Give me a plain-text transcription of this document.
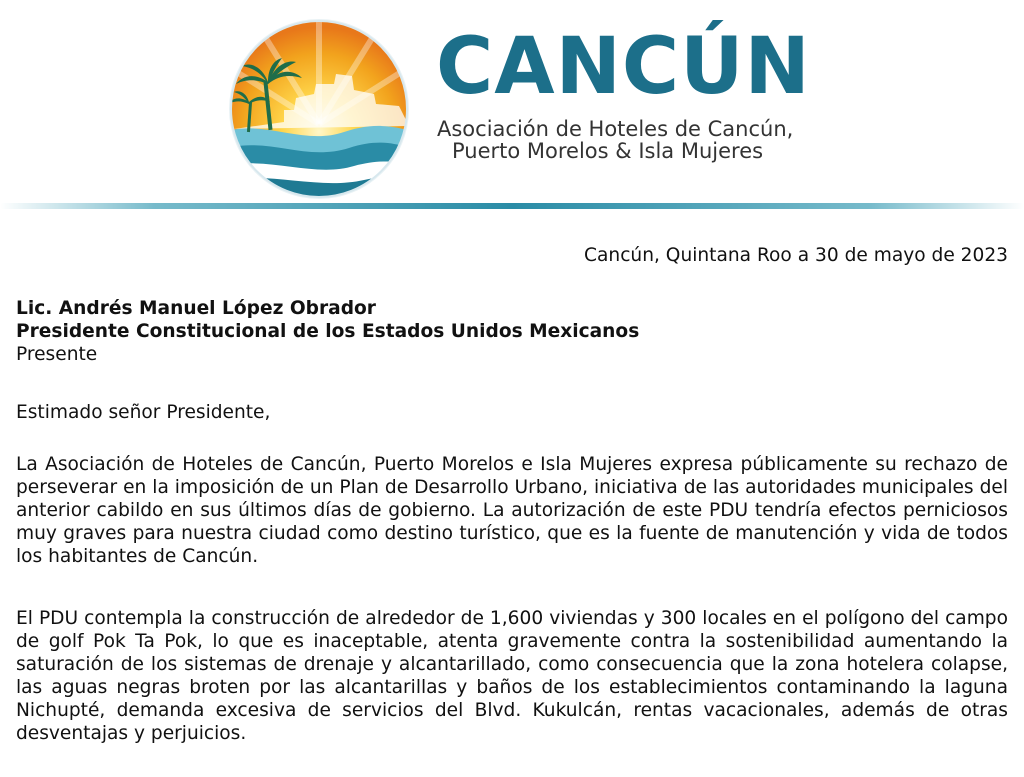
CANCÚN
Asociación de Hoteles de Cancún,
Puerto Morelos & Isla Mujeres
Cancún, Quintana Roo a 30 de mayo de 2023
Lic. Andrés Manuel López Obrador
Presidente Constitucional de los Estados Unidos Mexicanos
Presente
Estimado señor Presidente,

La Asociación de Hoteles de Cancún, Puerto Morelos e Isla Mujeres expresa públicamente su rechazo de perseverar en la imposición de un Plan de Desarrollo Urbano, iniciativa de las autoridades municipales del anterior cabildo en sus últimos días de gobierno. La autorización de este PDU tendría efectos perniciosos muy graves para nuestra ciudad como destino turístico, que es la fuente de manutención y vida de todos los habitantes de Cancún.

El PDU contempla la construcción de alrededor de 1,600 viviendas y 300 locales en el polígono del campo de golf Pok Ta Pok, lo que es inaceptable, atenta gravemente contra la sostenibilidad aumentando la saturación de los sistemas de drenaje y alcantarillado, como consecuencia que la zona hotelera colapse, las aguas negras broten por las alcantarillas y baños de los establecimientos contaminando la laguna Nichupté, demanda excesiva de servicios del Blvd. Kukulcán, rentas vacacionales, además de otras desventajas y perjuicios.
